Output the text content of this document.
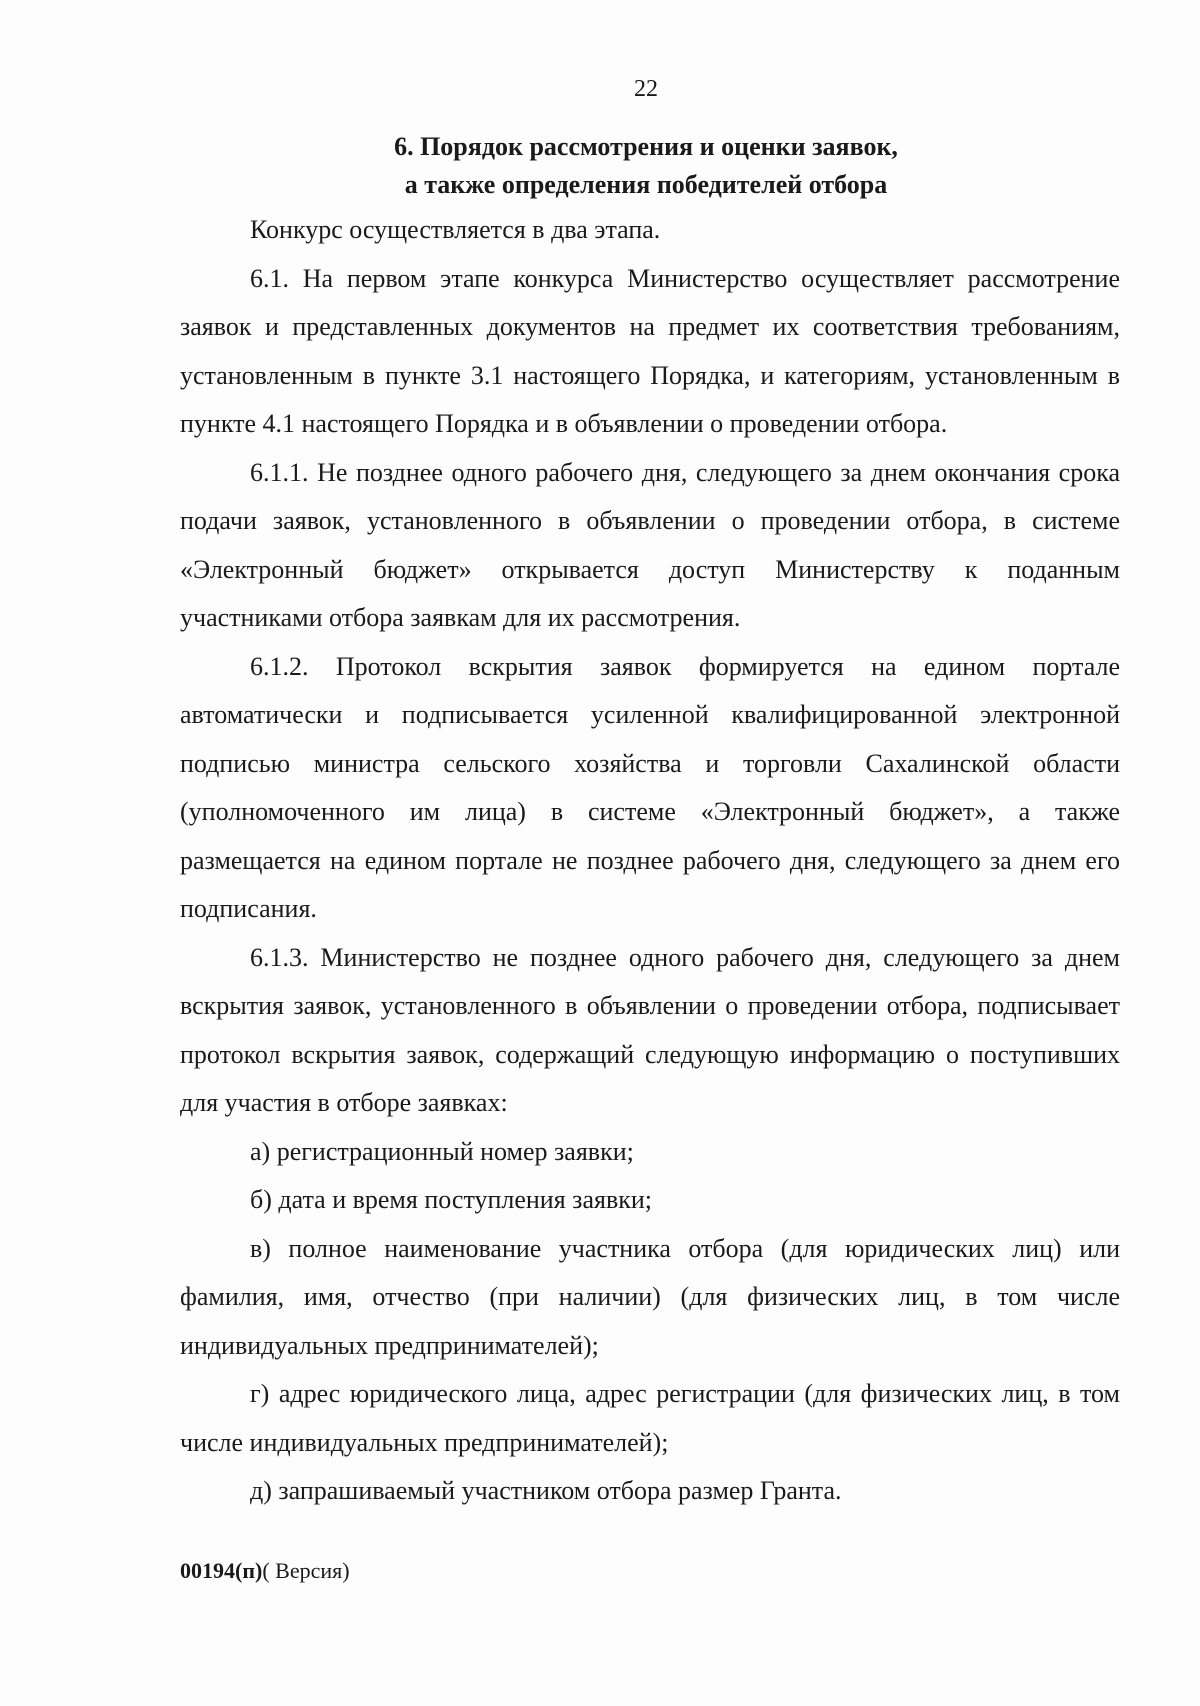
22
6. Порядок рассмотрения и оценки заявок,
а также определения победителей отбора

Конкурс осуществляется в два этапа.

6.1. На первом этапе конкурса Министерство осуществляет рассмотрение заявок и представленных документов на предмет их соответствия требованиям, установленным в пункте 3.1 настоящего Порядка, и категориям, установленным в пункте 4.1 настоящего Порядка и в объявлении о проведении отбора.

6.1.1. Не позднее одного рабочего дня, следующего за днем окончания срока подачи заявок, установленного в объявлении о проведении отбора, в системе «Электронный бюджет» открывается доступ Министерству к поданным участниками отбора заявкам для их рассмотрения.

6.1.2. Протокол вскрытия заявок формируется на едином портале автоматически и подписывается усиленной квалифицированной электронной подписью министра сельского хозяйства и торговли Сахалинской области (уполномоченного им лица) в системе «Электронный бюджет», а также размещается на едином портале не позднее рабочего дня, следующего за днем его подписания.

6.1.3. Министерство не позднее одного рабочего дня, следующего за днем вскрытия заявок, установленного в объявлении о проведении отбора, подписывает протокол вскрытия заявок, содержащий следующую информацию о поступивших для участия в отборе заявках:

а) регистрационный номер заявки;

б) дата и время поступления заявки;

в) полное наименование участника отбора (для юридических лиц) или фамилия, имя, отчество (при наличии) (для физических лиц, в том числе индивидуальных предпринимателей);

г) адрес юридического лица, адрес регистрации (для физических лиц, в том числе индивидуальных предпринимателей);

д) запрашиваемый участником отбора размер Гранта.

00194(п)( Версия)
